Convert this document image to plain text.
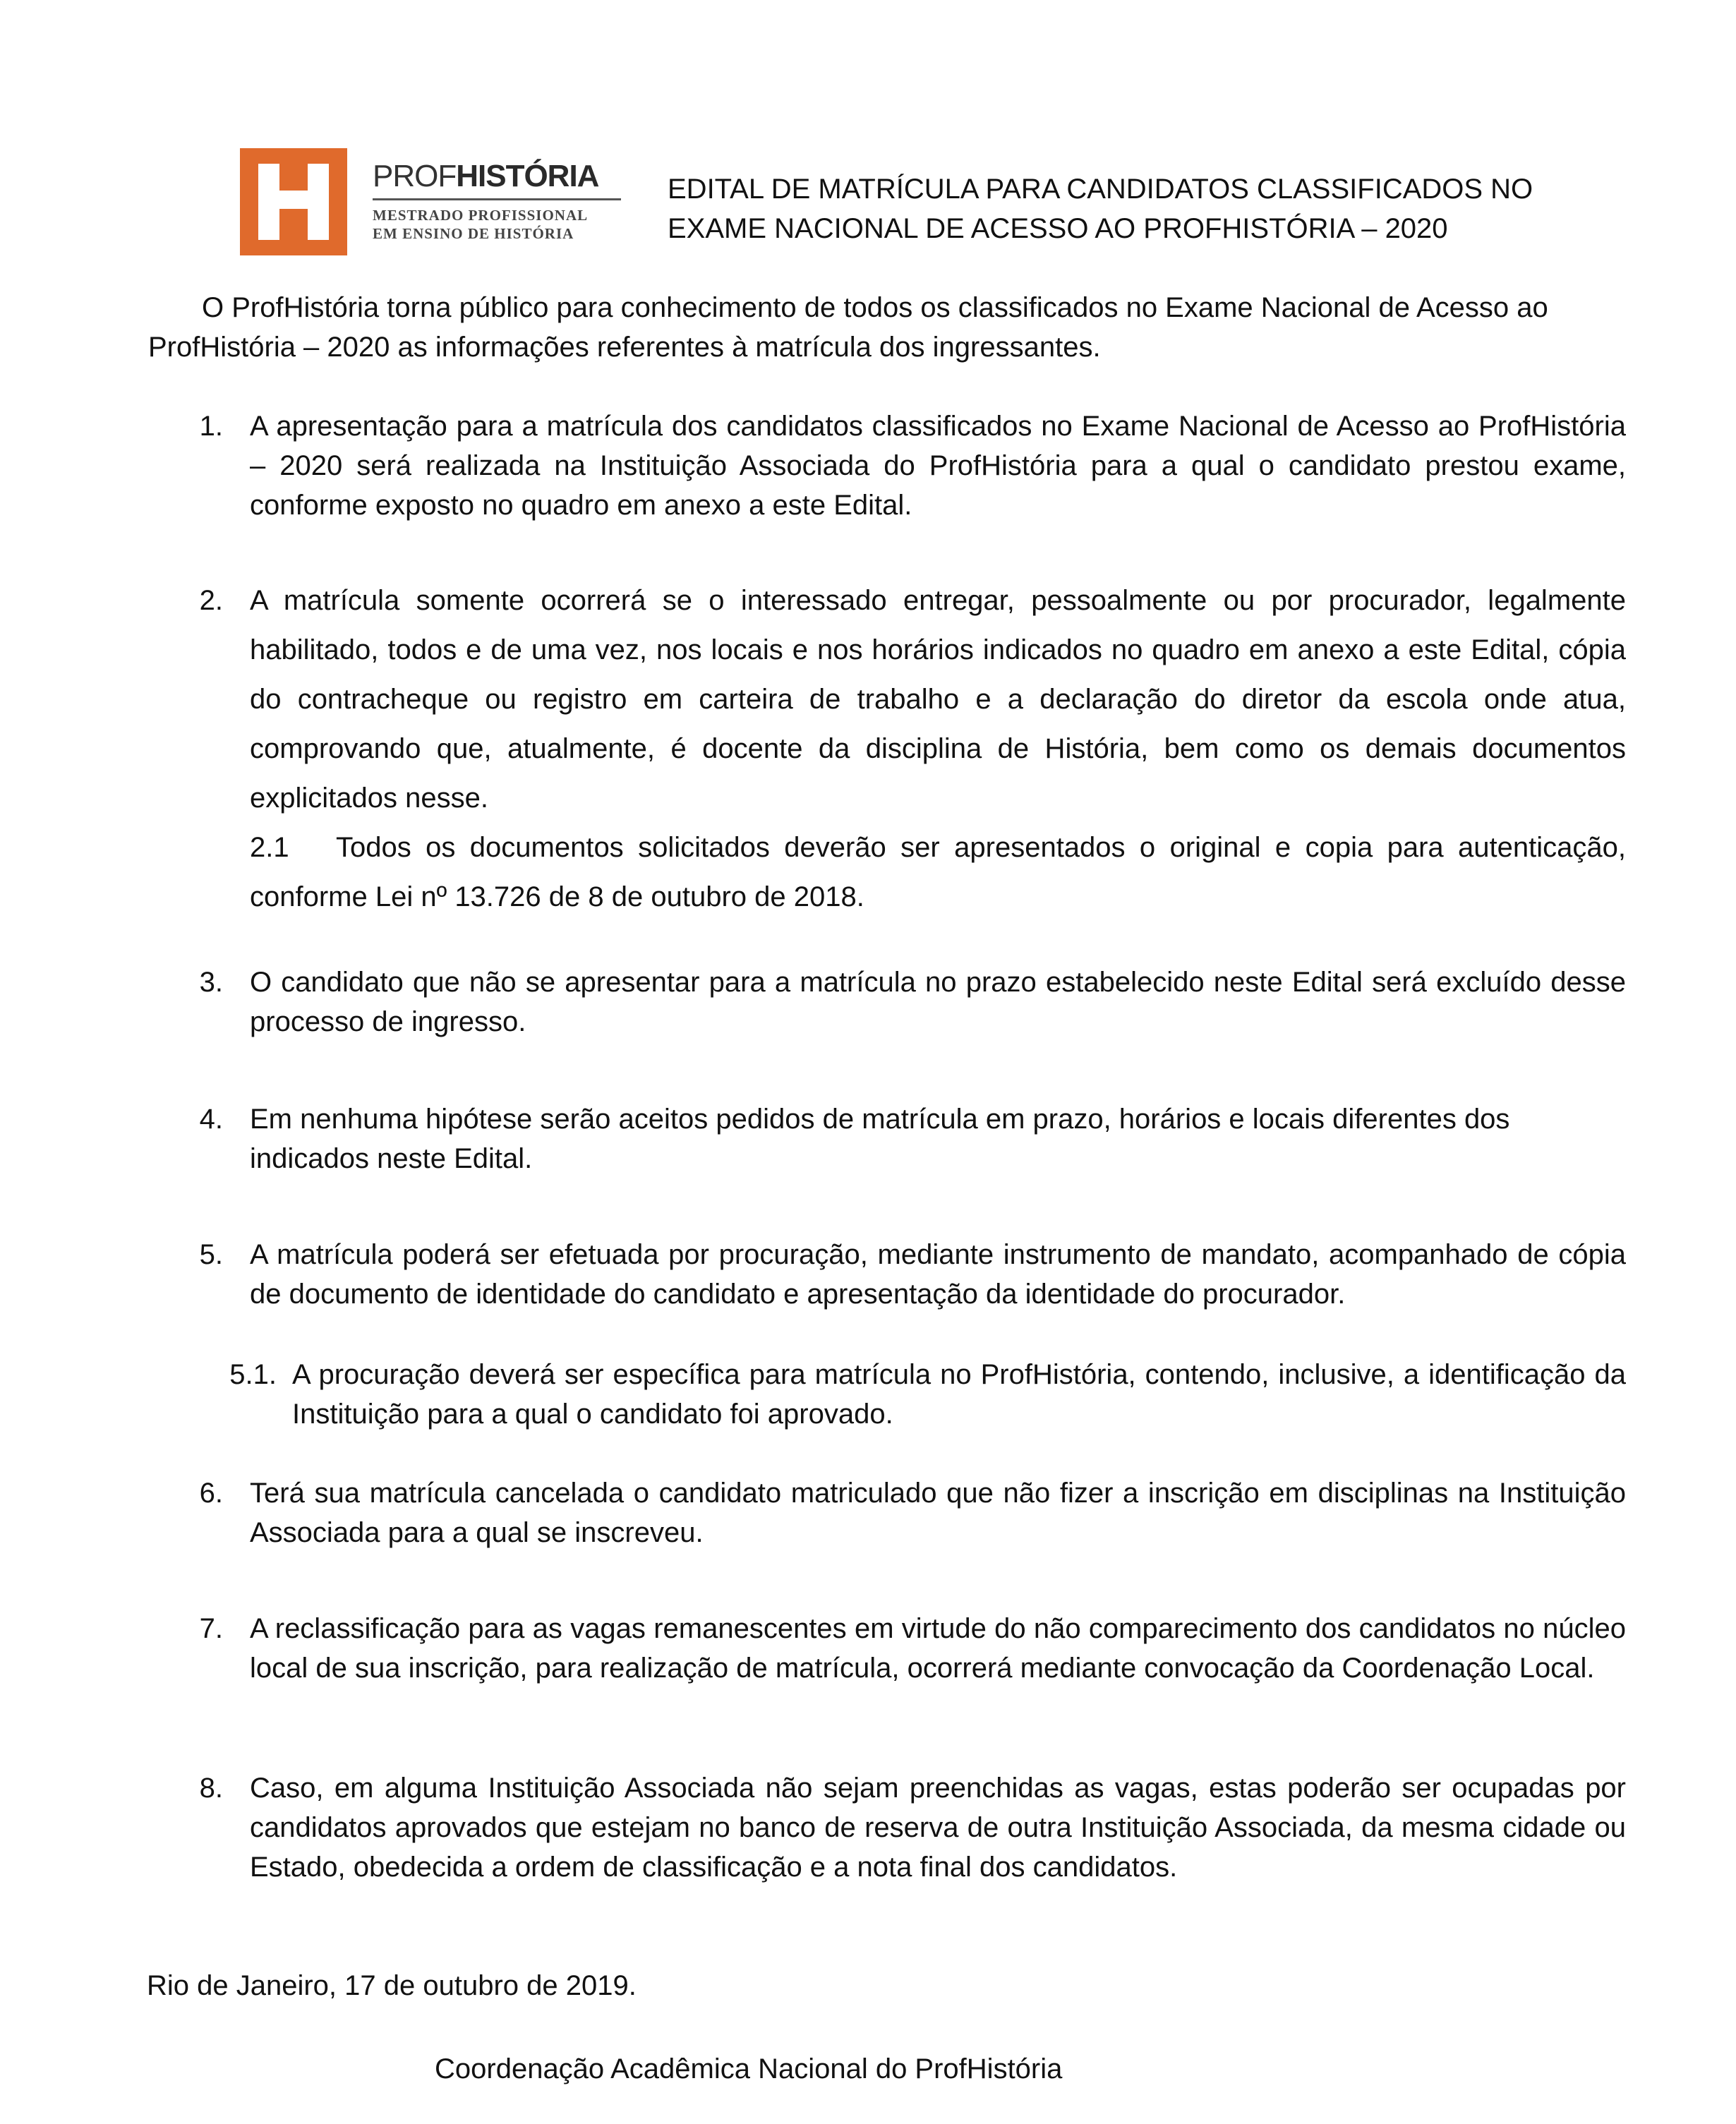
PROFHISTÓRIA
MESTRADO PROFISSIONAL
EM ENSINO DE HISTÓRIA
EDITAL DE MATRÍCULA PARA CANDIDATOS CLASSIFICADOS NO
EXAME NACIONAL DE ACESSO AO PROFHISTÓRIA – 2020
O ProfHistória torna público para conhecimento de todos os classificados no Exame Nacional de Acesso ao ProfHistória – 2020 as informações referentes à matrícula dos ingressantes.
1. A apresentação para a matrícula dos candidatos classificados no Exame Nacional de Acesso ao ProfHistória – 2020 será realizada na Instituição Associada do ProfHistória para a qual o candidato prestou exame, conforme exposto no quadro em anexo a este Edital.
2. A matrícula somente ocorrerá se o interessado entregar, pessoalmente ou por procurador, legalmente habilitado, todos e de uma vez, nos locais e nos horários indicados no quadro em anexo a este Edital, cópia do contracheque ou registro em carteira de trabalho e a declaração do diretor da escola onde atua, comprovando que, atualmente, é docente da disciplina de História, bem como os demais documentos explicitados nesse.
2.1	Todos os documentos solicitados deverão ser apresentados o original e copia para autenticação, conforme Lei nº 13.726 de 8 de outubro de 2018.
3. O candidato que não se apresentar para a matrícula no prazo estabelecido neste Edital será excluído desse processo de ingresso.
4. Em nenhuma hipótese serão aceitos pedidos de matrícula em prazo, horários e locais diferentes dos indicados neste Edital.
5. A matrícula poderá ser efetuada por procuração, mediante instrumento de mandato, acompanhado de cópia de documento de identidade do candidato e apresentação da identidade do procurador.
5.1. A procuração deverá ser específica para matrícula no ProfHistória, contendo, inclusive, a identificação da Instituição para a qual o candidato foi aprovado.
6. Terá sua matrícula cancelada o candidato matriculado que não fizer a inscrição em disciplinas na Instituição Associada para a qual se inscreveu.
7. A reclassificação para as vagas remanescentes em virtude do não comparecimento dos candidatos no núcleo local de sua inscrição, para realização de matrícula, ocorrerá mediante convocação da Coordenação Local.
8. Caso, em alguma Instituição Associada não sejam preenchidas as vagas, estas poderão ser ocupadas por candidatos aprovados que estejam no banco de reserva de outra Instituição Associada, da mesma cidade ou Estado, obedecida a ordem de classificação e a nota final dos candidatos.
Rio de Janeiro, 17 de outubro de 2019.
Coordenação Acadêmica Nacional do ProfHistória
